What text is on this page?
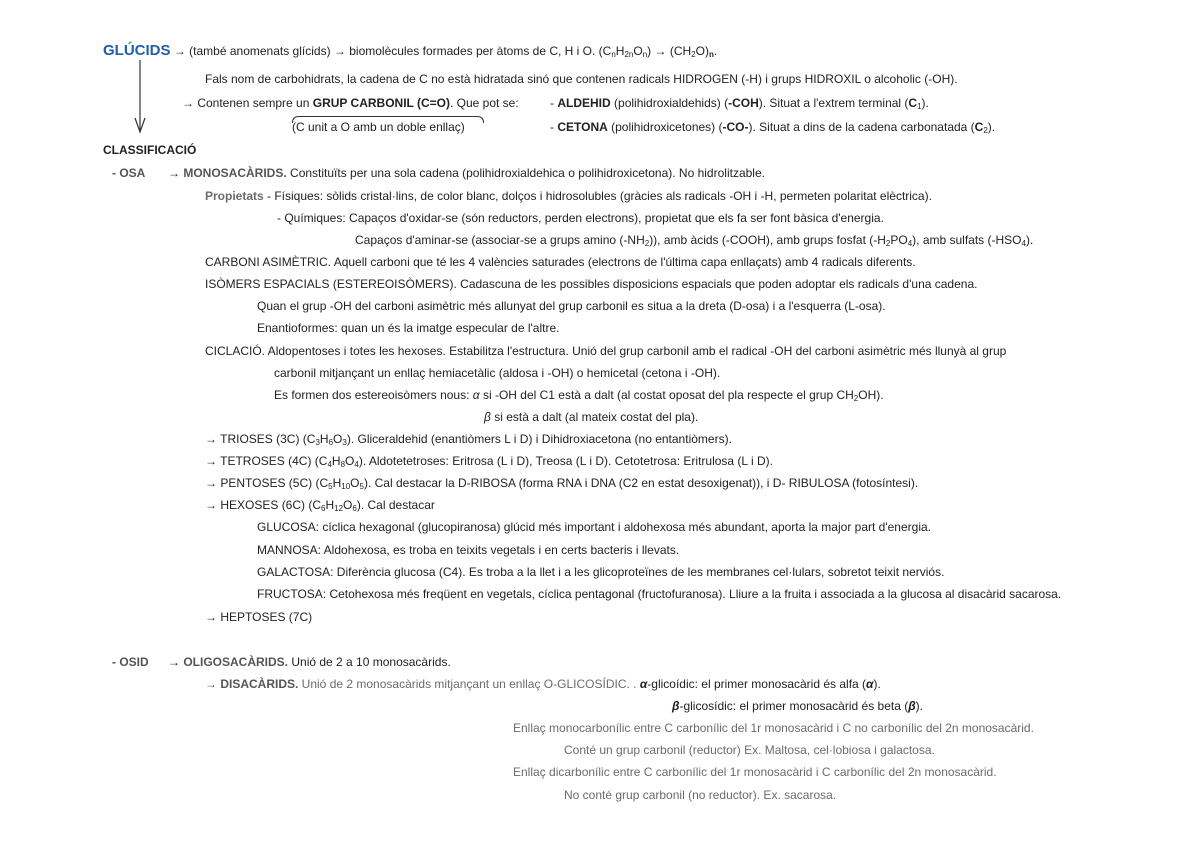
GLÚCIDS → (també anomenats glícids) → biomolècules formades per àtoms de C, H i O. $(C_nH_{2n}O_n) \to (CH_2O)_n$.
Fals nom de carbohidrats, la cadena de C no està hidratada sinó que contenen radicals HIDROGEN (-H) i grups HIDROXIL o alcoholic (-OH).
→ Contenen sempre un GRUP CARBONIL (C=O). Que pot se:	- ALDEHID (polihidroxialdehids) (-COH). Situat a l'extrem terminal $(C_1)$.
(C unit a O amb un doble enllaç)	- CETONA (polihidroxicetones) (-CO-). Situat a dins de la cadena carbonatada $(C_2)$.
CLASSIFICACIÓ
- OSA → MONOSACÀRIDS. Constituïts per una sola cadena (polihidroxialdehica o polihidroxicetona). No hidrolitzable.
Propietats - Físiques: sòlids cristal·lins, de color blanc, dolços i hidrosolubles (gràcies als radicals -OH i -H, permeten polaritat elèctrica).
- Químiques: Capaços d'oxidar-se (són reductors, perden electrons), propietat que els fa ser font bàsica d'energia.
Capaços d'aminar-se (associar-se a grups amino $(-NH_2)$), amb àcids (-COOH), amb grups fosfat $(-H_2PO_4)$, amb sulfats $(-HSO_4)$.
CARBONI ASIMÈTRIC. Aquell carboni que té les 4 valències saturades (electrons de l'última capa enllaçats) amb 4 radicals diferents.
ISÒMERS ESPACIALS (ESTEREOISÒMERS). Cadascuna de les possibles disposicions espacials que poden adoptar els radicals d'una cadena.
Quan el grup -OH del carboni asimètric més allunyat del grup carbonil es situa a la dreta (D-osa) i a l'esquerra (L-osa).
Enantioformes: quan un és la imatge especular de l'altre.
CICLACIÓ. Aldopentoses i totes les hexoses. Estabilitza l'estructura. Unió del grup carbonil amb el radical -OH del carboni asimètric més llunyà al grup
carbonil mitjançant un enllaç hemiacetàlic (aldosa i -OH) o hemicetal (cetona i -OH).
Es formen dos estereoisòmers nous: α si -OH del C1 està a dalt (al costat oposat del pla respecte el grup $CH_2OH$).
β si està a dalt (al mateix costat del pla).
→ TRIOSES (3C) $(C_3H_6O_3)$. Gliceraldehid (enantiòmers L i D) i Dihidroxiacetona (no entantiòmers).
→ TETROSES (4C) $(C_4H_8O_4)$. Aldotetetroses: Eritrosa (L i D), Treosa (L i D). Cetotetrosa: Eritrulosa (L i D).
→ PENTOSES (5C) $(C_5H_{10}O_5)$. Cal destacar la D-RIBOSA (forma RNA i DNA (C2 en estat desoxigenat)), i D- RIBULOSA (fotosíntesi).
→ HEXOSES (6C) $(C_6H_{12}O_6)$. Cal destacar
GLUCOSA: cíclica hexagonal (glucopiranosa) glúcid més important i aldohexosa més abundant, aporta la major part d'energia.
MANNOSA: Aldohexosa, es troba en teixits vegetals i en certs bacteris i llevats.
GALACTOSA: Diferència glucosa (C4). Es troba a la llet i a les glicoproteïnes de les membranes cel·lulars, sobretot teixit nerviós.
FRUCTOSA: Cetohexosa més freqüent en vegetals, cíclica pentagonal (fructofuranosa). Lliure a la fruita i associada a la glucosa al disacàrid sacarosa.
→ HEPTOSES (7C)
- OSID → OLIGOSACÀRIDS. Unió de 2 a 10 monosacàrids.
→ DISACÀRIDS. Unió de 2 monosacàrids mitjançant un enllaç O-GLICOSÍDIC. . α-glicoídic: el primer monosacàrid és alfa (α).
β-glicosídic: el primer monosacàrid és beta (β).
Enllaç monocarbonílic entre C carbonílic del 1r monosacàrid i C no carbonílic del 2n monosacàrid.
Conté un grup carbonil (reductor) Ex. Maltosa, cel·lobiosa i galactosa.
Enllaç dicarbonílic entre C carbonílic del 1r monosacàrid i C carbonílic del 2n monosacàrid.
No conté grup carbonil (no reductor). Ex. sacarosa.
